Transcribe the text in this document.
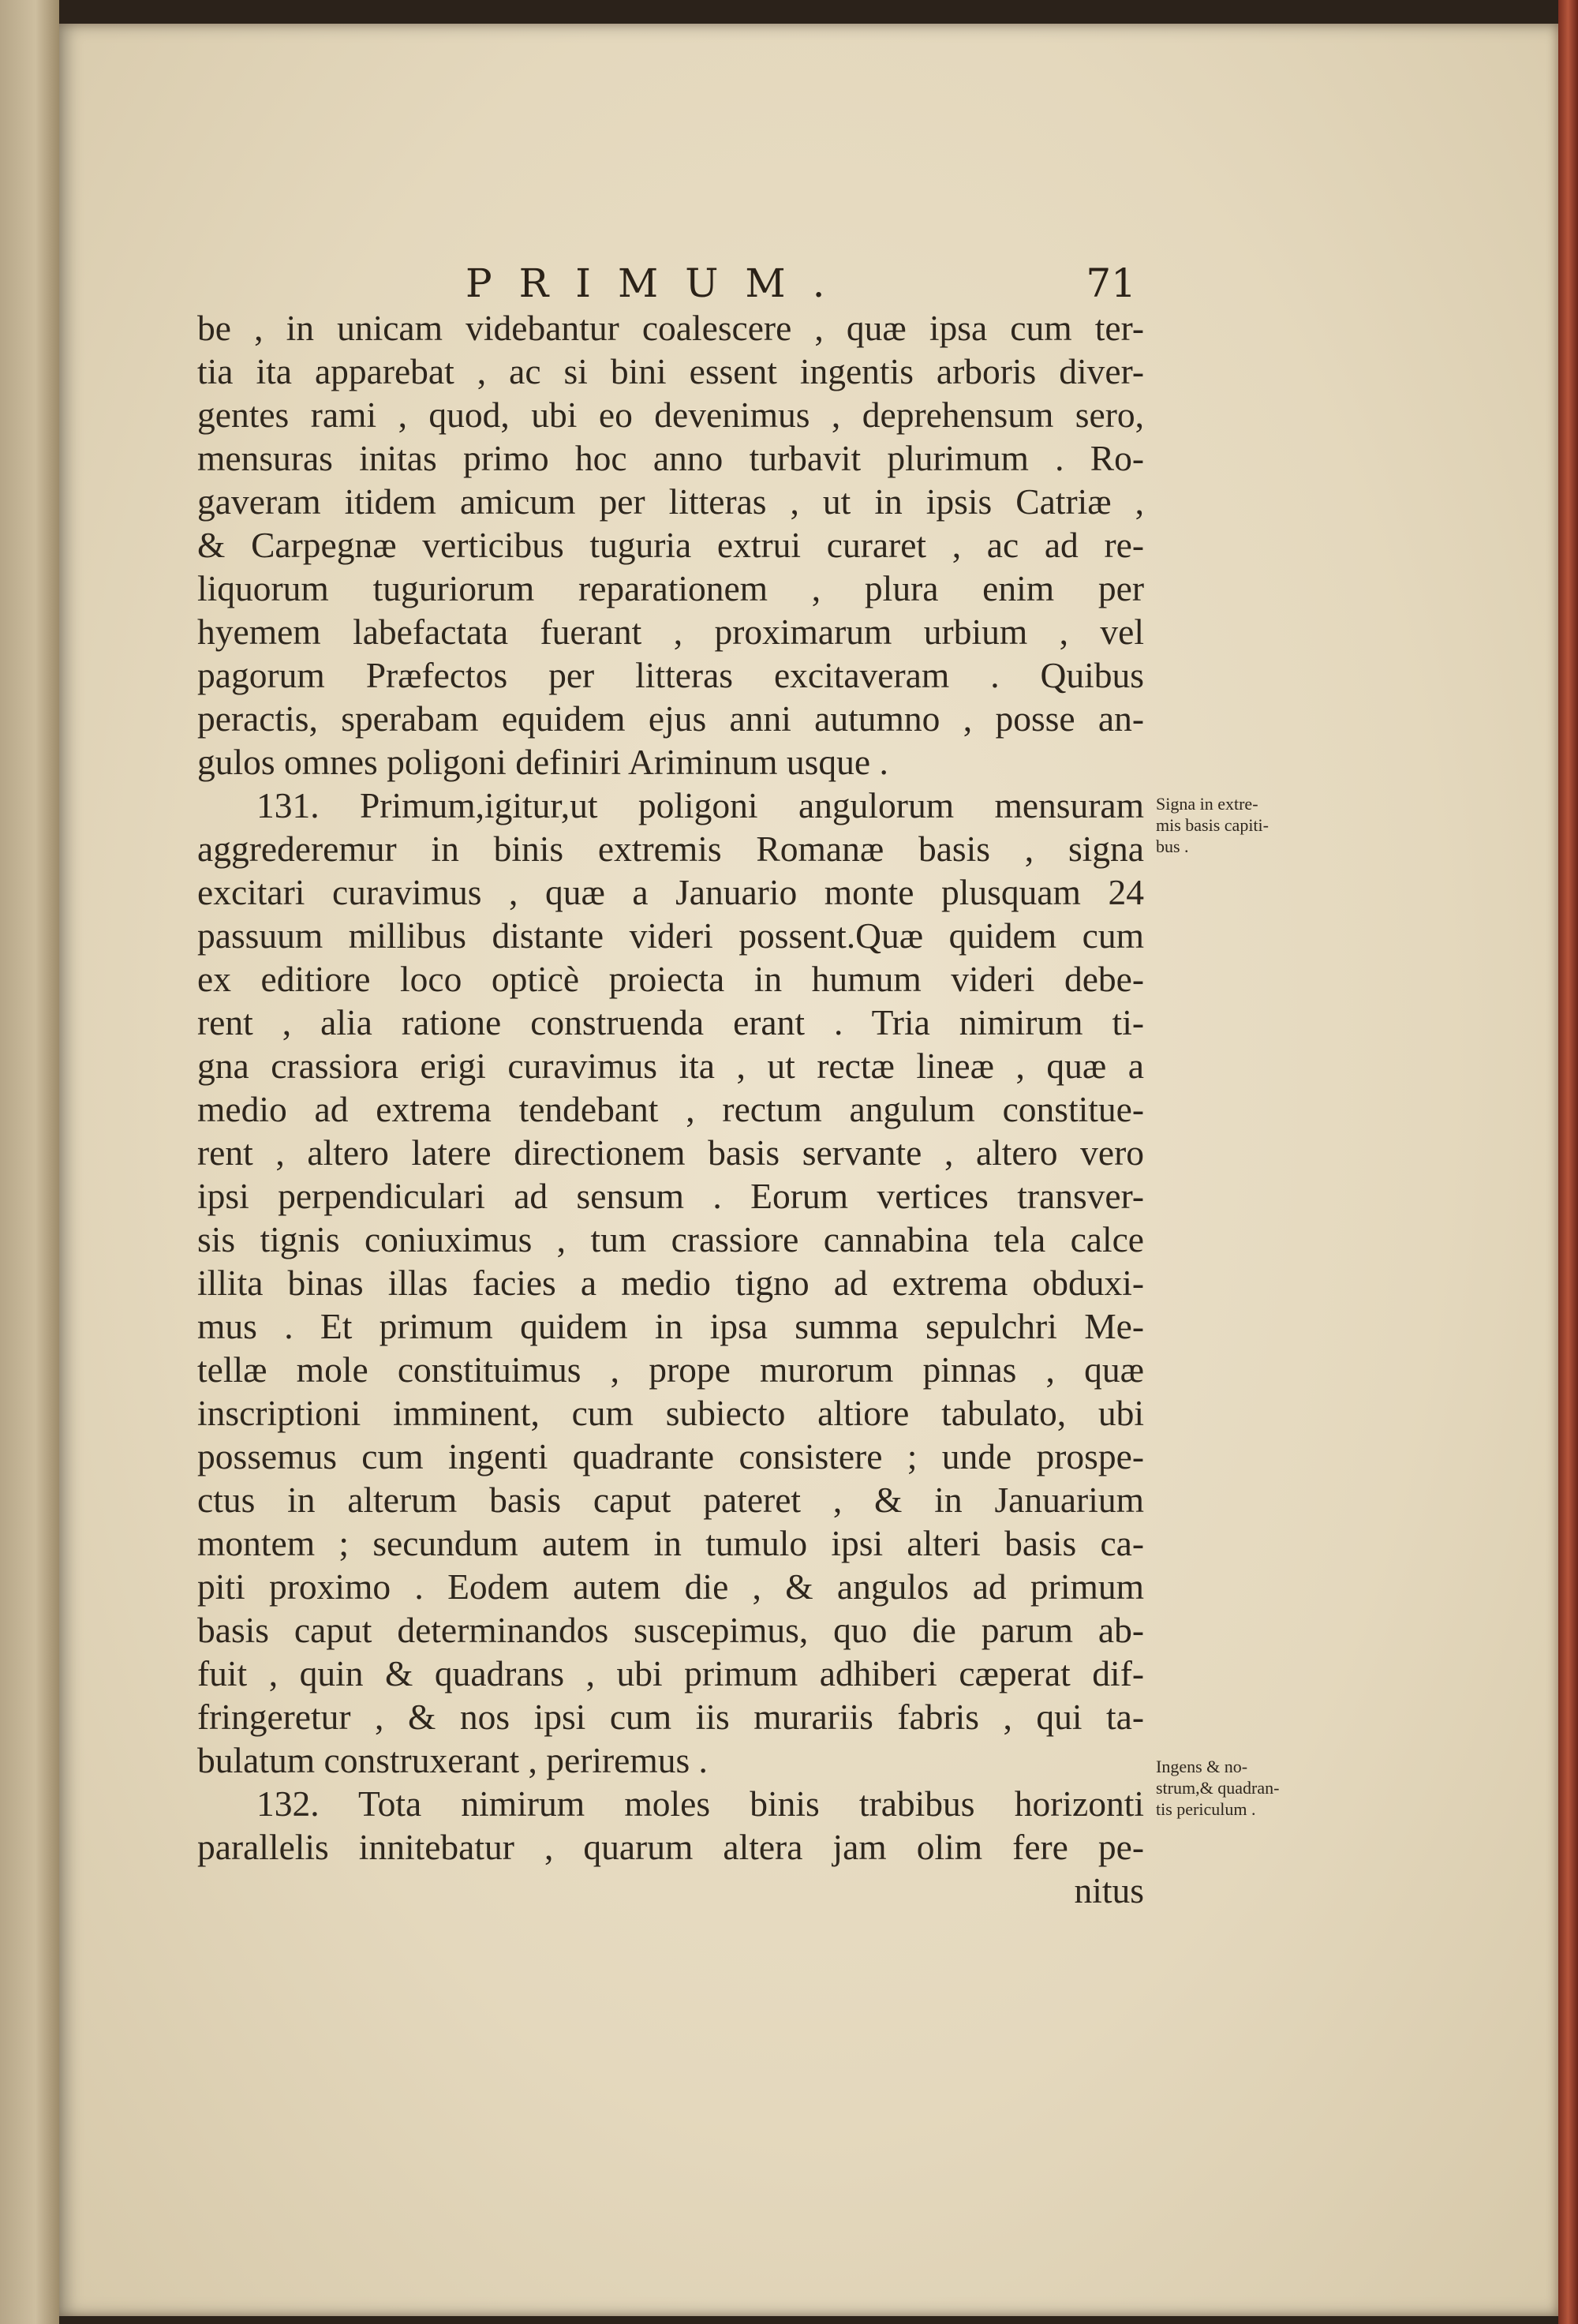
PRIMUM.	71
be , in unicam videbantur coalescere , quæ ipsa cum ter-
tia ita apparebat , ac si bini essent ingentis arboris diver-
gentes rami , quod, ubi eo devenimus , deprehensum sero,
mensuras initas primo hoc anno turbavit plurimum . Ro-
gaveram itidem amicum per litteras , ut in ipsis Catriæ ,
& Carpegnæ verticibus tuguria extrui curaret , ac ad re-
liquorum tuguriorum reparationem , plura enim per
hyemem labefactata fuerant , proximarum urbium , vel
pagorum Præfectos per litteras excitaveram . Quibus
peractis, sperabam equidem ejus anni autumno , posse an-
gulos omnes poligoni definiri Ariminum usque .
131. Primum,igitur,ut poligoni angulorum mensuram
aggrederemur in binis extremis Romanæ basis , signa
excitari curavimus , quæ a Januario monte plusquam 24
passuum millibus distante videri possent.Quæ quidem cum
ex editiore loco opticè proiecta in humum videri debe-
rent , alia ratione construenda erant . Tria nimirum ti-
gna crassiora erigi curavimus ita , ut rectæ lineæ , quæ a
medio ad extrema tendebant , rectum angulum constitue-
rent , altero latere directionem basis servante , altero vero
ipsi perpendiculari ad sensum . Eorum vertices transver-
sis tignis coniuximus , tum crassiore cannabina tela calce
illita binas illas facies a medio tigno ad extrema obduxi-
mus . Et primum quidem in ipsa summa sepulchri Me-
tellæ mole constituimus , prope murorum pinnas , quæ
inscriptioni imminent, cum subiecto altiore tabulato, ubi
possemus cum ingenti quadrante consistere ; unde prospe-
ctus in alterum basis caput pateret , & in Januarium
montem ; secundum autem in tumulo ipsi alteri basis ca-
piti proximo . Eodem autem die , & angulos ad primum
basis caput determinandos suscepimus, quo die parum ab-
fuit , quin & quadrans , ubi primum adhiberi cæperat dif-
fringeretur , & nos ipsi cum iis murariis fabris , qui ta-
bulatum construxerant , periremus .
132. Tota nimirum moles binis trabibus horizonti
parallelis innitebatur , quarum altera jam olim fere pe-
nitus
Signa in extre-
mis basis capiti-
bus .
Ingens & no-
strum,& quadran-
tis periculum .
